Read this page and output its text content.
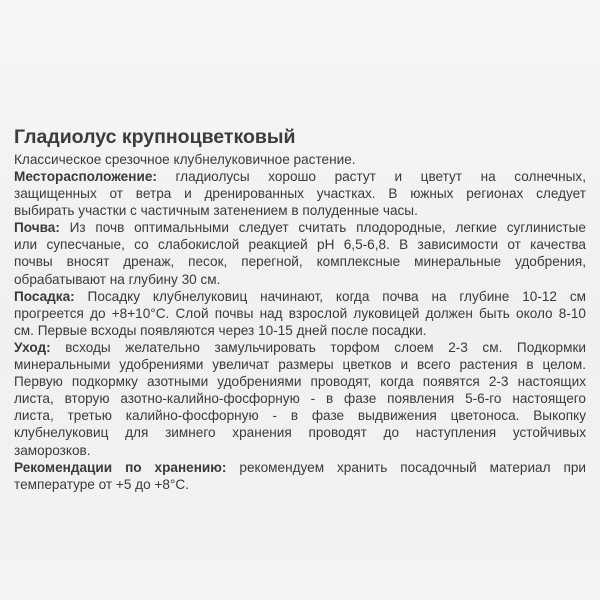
Гладиолус крупноцветковый

Классическое срезочное клубнелуковичное растение.

Месторасположение: гладиолусы хорошо растут и цветут на солнечных,
защищенных от ветра и дренированных участках. В южных регионах следует
выбирать участки с частичным затенением в полуденные часы.
Почва: Из почв оптимальными следует считать плодородные, легкие суглинистые
или супесчаные, со слабокислой реакцией pH 6,5-6,8. В зависимости от качества
почвы вносят дренаж, песок, перегной, комплексные минеральные удобрения,
обрабатывают на глубину 30 см.
Посадка: Посадку клубнелуковиц начинают, когда почва на глубине 10-12 см
прогреется до +8+10°С. Слой почвы над взрослой луковицей должен быть около 8-10
см. Первые всходы появляются через 10-15 дней после посадки.
Уход: всходы желательно замульчировать торфом слоем 2-3 см. Подкормки
минеральными удобрениями увеличат размеры цветков и всего растения в целом.
Первую подкормку азотными удобрениями проводят, когда появятся 2-3 настоящих
листа, вторую азотно-калийно-фосфорную - в фазе появления 5-6-го настоящего
листа, третью калийно-фосфорную - в фазе выдвижения цветоноса. Выкопку
клубнелуковиц для зимнего хранения проводят до наступления устойчивых
заморозков.
Рекомендации по хранению: рекомендуем хранить посадочный материал при
температуре от +5 до +8°С.
